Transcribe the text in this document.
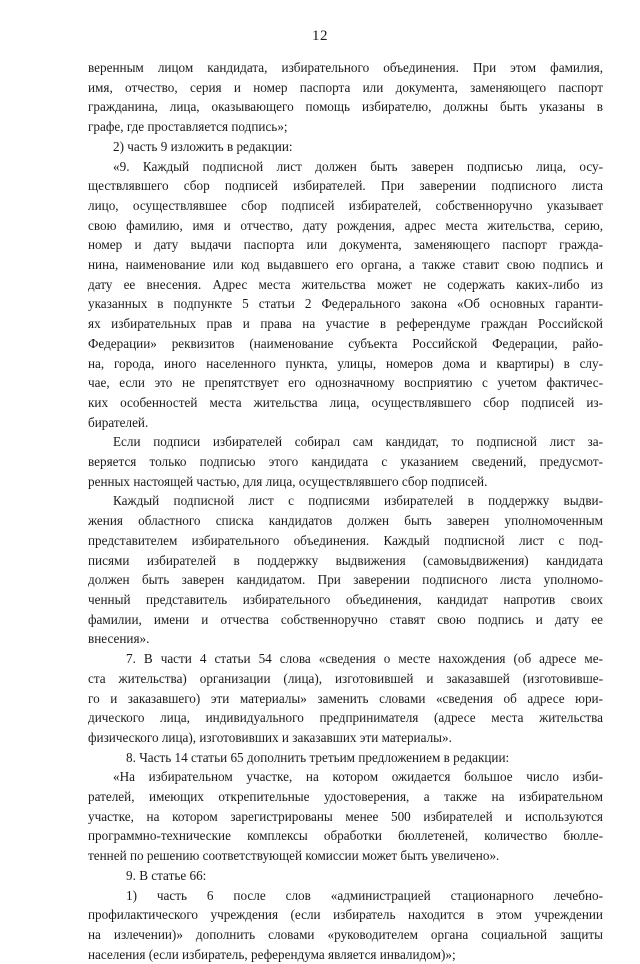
12
веренным лицом кандидата, избирательного объединения. При этом фамилия,
имя, отчество, серия и номер паспорта или документа, заменяющего паспорт
гражданина, лица, оказывающего помощь избирателю, должны быть указаны в
графе, где проставляется подпись»;
2) часть 9 изложить в редакции:
«9. Каждый подписной лист должен быть заверен подписью лица, осу-
ществлявшего сбор подписей избирателей. При заверении подписного листа
лицо, осуществлявшее сбор подписей избирателей, собственноручно указывает
свою фамилию, имя и отчество, дату рождения, адрес места жительства, серию,
номер и дату выдачи паспорта или документа, заменяющего паспорт гражда-
нина, наименование или код выдавшего его органа, а также ставит свою подпись и
дату ее внесения. Адрес места жительства может не содержать каких-либо из
указанных в подпункте 5 статьи 2 Федерального закона «Об основных гаранти-
ях избирательных прав и права на участие в референдуме граждан Российской
Федерации» реквизитов (наименование субъекта Российской Федерации, райо-
на, города, иного населенного пункта, улицы, номеров дома и квартиры) в слу-
чае, если это не препятствует его однозначному восприятию с учетом фактичес-
ких особенностей места жительства лица, осуществлявшего сбор подписей из-
бирателей.
Если подписи избирателей собирал сам кандидат, то подписной лист за-
веряется только подписью этого кандидата с указанием сведений, предусмот-
ренных настоящей частью, для лица, осуществлявшего сбор подписей.
Каждый подписной лист с подписями избирателей в поддержку выдви-
жения областного списка кандидатов должен быть заверен уполномоченным
представителем избирательного объединения. Каждый подписной лист с под-
писями избирателей в поддержку выдвижения (самовыдвижения) кандидата
должен быть заверен кандидатом. При заверении подписного листа уполномо-
ченный представитель избирательного объединения, кандидат напротив своих
фамилии, имени и отчества собственноручно ставят свою подпись и дату ее
внесения».
7. В части 4 статьи 54 слова «сведения о месте нахождения (об адресе ме-
ста жительства) организации (лица), изготовившей и заказавшей (изготовивше-
го и заказавшего) эти материалы» заменить словами «сведения об адресе юри-
дического лица, индивидуального предпринимателя (адресе места жительства
физического лица), изготовивших и заказавших эти материалы».
8. Часть 14 статьи 65 дополнить третьим предложением в редакции:
«На избирательном участке, на котором ожидается большое число изби-
рателей, имеющих открепительные удостоверения, а также на избирательном
участке, на котором зарегистрированы менее 500 избирателей и используются
программно-технические комплексы обработки бюллетеней, количество бюлле-
тенней по решению соответствующей комиссии может быть увеличено».
9. В статье 66:
1) часть 6 после слов «администрацией стационарного лечебно-
профилактического учреждения (если избиратель находится в этом учреждении
на излечении)» дополнить словами «руководителем органа социальной защиты
населения (если избиратель, референдума является инвалидом)»;
